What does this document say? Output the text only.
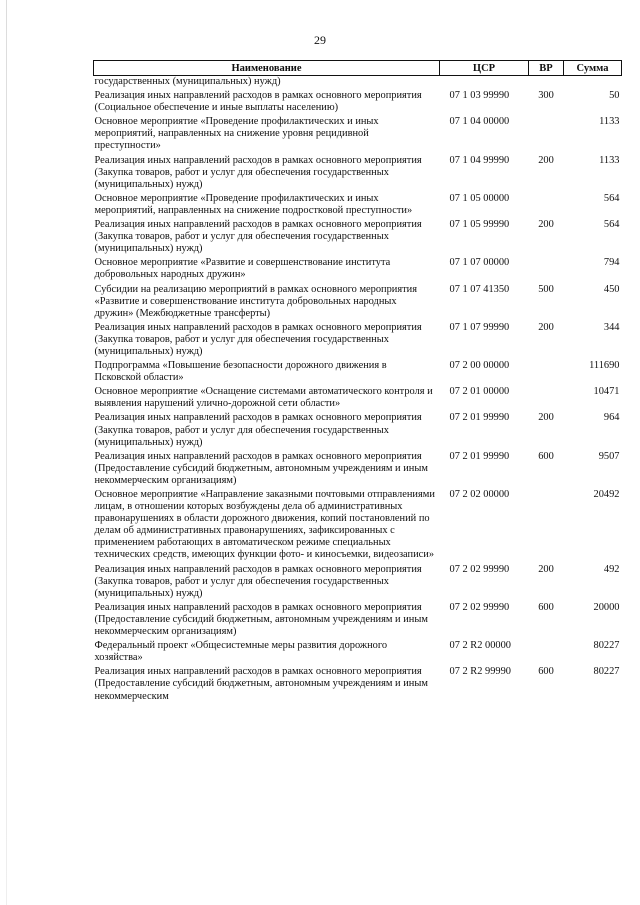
29
Наименование	ЦСР	ВР	Сумма
государственных (муниципальных) нужд)			
Реализация иных направлений расходов в рамках основного мероприятия (Социальное обеспечение и иные выплаты населению)	07 1 03 99990	300	50
Основное мероприятие «Проведение профилактических и иных мероприятий, направленных на снижение уровня рецидивной преступности»	07 1 04 00000		1133
Реализация иных направлений расходов в рамках основного мероприятия (Закупка товаров, работ и услуг для обеспечения государственных (муниципальных) нужд)	07 1 04 99990	200	1133
Основное мероприятие «Проведение профилактических и иных мероприятий, направленных на снижение подростковой преступности»	07 1 05 00000		564
Реализация иных направлений расходов в рамках основного мероприятия (Закупка товаров, работ и услуг для обеспечения государственных (муниципальных) нужд)	07 1 05 99990	200	564
Основное мероприятие «Развитие и совершенствование института добровольных народных дружин»	07 1 07 00000		794
Субсидии на реализацию мероприятий в рамках основного мероприятия «Развитие и совершенствование института добровольных народных дружин» (Межбюджетные трансферты)	07 1 07 41350	500	450
Реализация иных направлений расходов в рамках основного мероприятия (Закупка товаров, работ и услуг для обеспечения государственных (муниципальных) нужд)	07 1 07 99990	200	344
Подпрограмма «Повышение безопасности дорожного движения в Псковской области»	07 2 00 00000		111690
Основное мероприятие «Оснащение системами автоматического контроля и выявления нарушений улично-дорожной сети области»	07 2 01 00000		10471
Реализация иных направлений расходов в рамках основного мероприятия (Закупка товаров, работ и услуг для обеспечения государственных (муниципальных) нужд)	07 2 01 99990	200	964
Реализация иных направлений расходов в рамках основного мероприятия (Предоставление субсидий бюджетным, автономным учреждениям и иным некоммерческим организациям)	07 2 01 99990	600	9507
Основное мероприятие «Направление заказными почтовыми отправлениями лицам, в отношении которых возбуждены дела об административных правонарушениях в области дорожного движения, копий постановлений по делам об административных правонарушениях, зафиксированных с применением работающих в автоматическом режиме специальных технических средств, имеющих функции фото- и киносъемки, видеозаписи»	07 2 02 00000		20492
Реализация иных направлений расходов в рамках основного мероприятия (Закупка товаров, работ и услуг для обеспечения государственных (муниципальных) нужд)	07 2 02 99990	200	492
Реализация иных направлений расходов в рамках основного мероприятия (Предоставление субсидий бюджетным, автономным учреждениям и иным некоммерческим организациям)	07 2 02 99990	600	20000
Федеральный проект «Общесистемные меры развития дорожного хозяйства»	07 2 R2 00000		80227
Реализация иных направлений расходов в рамках основного мероприятия (Предоставление субсидий бюджетным, автономным учреждениям и иным некоммерческим	07 2 R2 99990	600	80227
